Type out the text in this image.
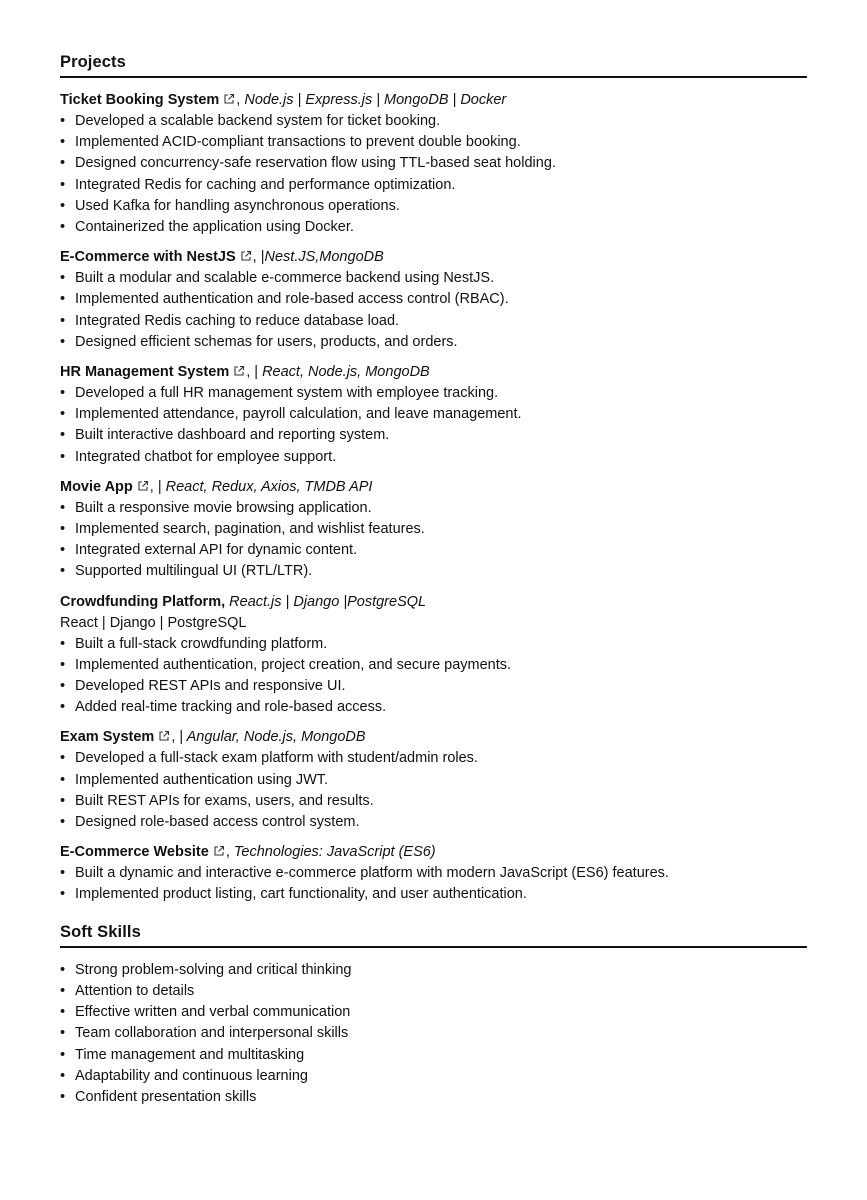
Projects
Ticket Booking System , Node.js | Express.js | MongoDB | Docker
• Developed a scalable backend system for ticket booking.
• Implemented ACID-compliant transactions to prevent double booking.
• Designed concurrency-safe reservation flow using TTL-based seat holding.
• Integrated Redis for caching and performance optimization.
• Used Kafka for handling asynchronous operations.
• Containerized the application using Docker.
E-Commerce with NestJS , |Nest.JS,MongoDB
• Built a modular and scalable e-commerce backend using NestJS.
• Implemented authentication and role-based access control (RBAC).
• Integrated Redis caching to reduce database load.
• Designed efficient schemas for users, products, and orders.
HR Management System , | React, Node.js, MongoDB
• Developed a full HR management system with employee tracking.
• Implemented attendance, payroll calculation, and leave management.
• Built interactive dashboard and reporting system.
• Integrated chatbot for employee support.
Movie App , | React, Redux, Axios, TMDB API
• Built a responsive movie browsing application.
• Implemented search, pagination, and wishlist features.
• Integrated external API for dynamic content.
• Supported multilingual UI (RTL/LTR).
Crowdfunding Platform, React.js | Django |PostgreSQL
React | Django | PostgreSQL
• Built a full-stack crowdfunding platform.
• Implemented authentication, project creation, and secure payments.
• Developed REST APIs and responsive UI.
• Added real-time tracking and role-based access.
Exam System , | Angular, Node.js, MongoDB
• Developed a full-stack exam platform with student/admin roles.
• Implemented authentication using JWT.
• Built REST APIs for exams, users, and results.
• Designed role-based access control system.
E-Commerce Website , Technologies: JavaScript (ES6)
• Built a dynamic and interactive e-commerce platform with modern JavaScript (ES6) features.
• Implemented product listing, cart functionality, and user authentication.
Soft Skills
• Strong problem-solving and critical thinking
• Attention to details
• Effective written and verbal communication
• Team collaboration and interpersonal skills
• Time management and multitasking
• Adaptability and continuous learning
• Confident presentation skills
